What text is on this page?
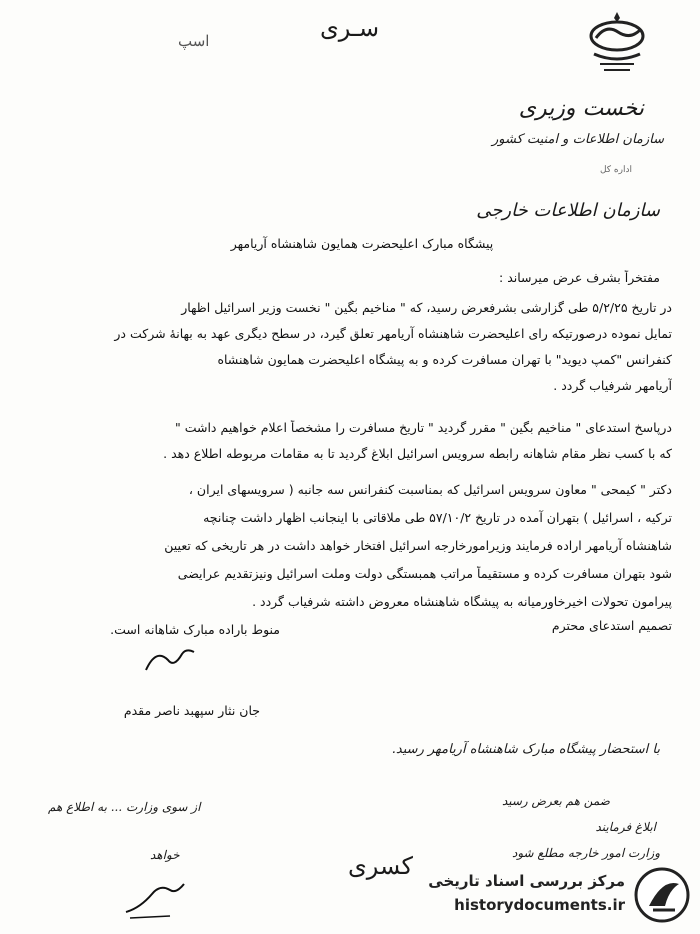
سـری
اسپ
نخست وزیری
سازمان اطلاعات و امنیت کشور
اداره کل
سازمان اطلاعات خارجی
پیشگاه مبارک اعلیحضرت همایون شاهنشاه آریامهر
مفتخراً بشرف عرض میرساند :
در تاریخ ۵/۲/۲۵ طی گزارشی بشرفعرض رسید، که " مناخیم بگین " نخست وزیر اسرائیل اظهار
تمایل نموده درصورتیکه رای اعلیحضرت شاهنشاه آریامهر تعلق گیرد، در سطح دیگری عهد به بهانهٔ شرکت در
کنفرانس "کمپ دیوید" با تهران مسافرت کرده و به پیشگاه اعلیحضرت همایون شاهنشاه
آریامهر شرفیاب گردد .
درپاسخ استدعای " مناخیم بگین " مقرر گردید " تاریخ مسافرت را مشخصاً اعلام خواهیم داشت "
که با کسب نظر مقام شاهانه رابطه سرویس اسرائیل ابلاغ گردید تا به مقامات مربوطه اطلاع دهد .
دکتر " کیمحی " معاون سرویس اسرائیل که بمناسبت کنفرانس سه جانبه ( سرویسهای ایران ،
ترکیه ، اسرائیل ) بتهران آمده در تاریخ ۵۷/۱۰/۲ طی ملاقاتی با اینجانب اظهار داشت چنانچه
شاهنشاه آریامهر اراده فرمایند وزیرامورخارجه اسرائیل افتخار خواهد داشت در هر تاریخی که تعیین
شود بتهران مسافرت کرده و مستقیماً مراتب همبستگی دولت وملت اسرائیل ونیزتقدیم عرایضی
پیرامون تحولات اخیرخاورمیانه به پیشگاه شاهنشاه معروض داشته شرفیاب گردد .
تصمیم استدعای محترم
منوط باراده مبارک شاهانه است.
جان نثار سپهبد ناصر مقدم
با استحضار پیشگاه مبارک شاهنشاه آریامهر رسید.
ضمن هم بعرض رسید
ابلاغ فرمایند
وزارت امور خارجه مطلع شود
از سوی وزارت ... به اطلاع هم
خواهد	کسری
مرکز بررسی اسناد تاریخی
historydocuments.ir
